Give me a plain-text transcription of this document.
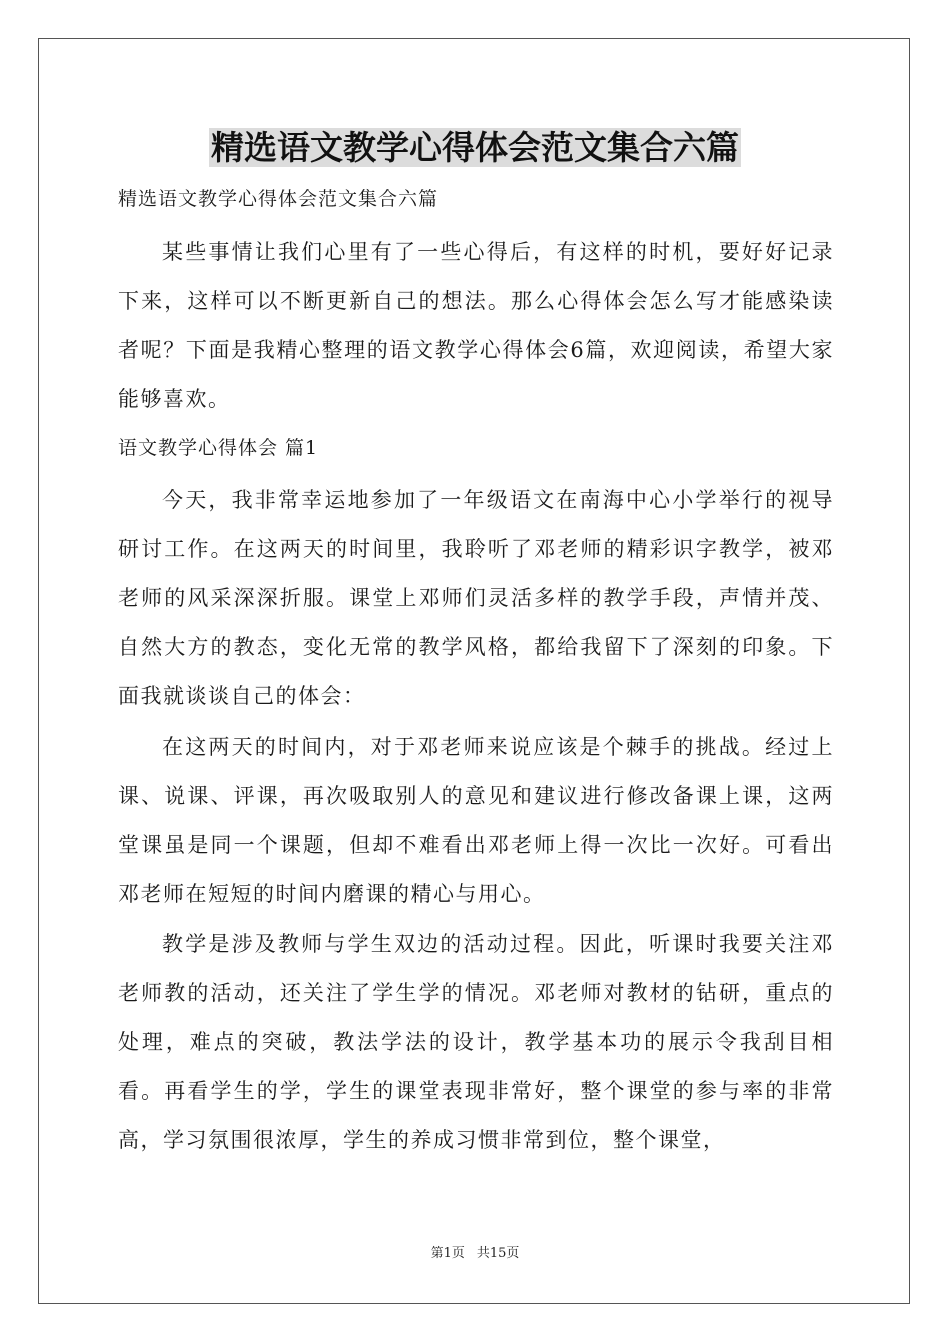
精选语文教学心得体会范文集合六篇
精选语文教学心得体会范文集合六篇

某些事情让我们心里有了一些心得后，有这样的时机，要好好记录下来，这样可以不断更新自己的想法。那么心得体会怎么写才能感染读者呢？下面是我精心整理的语文教学心得体会6篇，欢迎阅读，希望大家能够喜欢。

语文教学心得体会 篇1

今天，我非常幸运地参加了一年级语文在南海中心小学举行的视导研讨工作。在这两天的时间里，我聆听了邓老师的精彩识字教学，被邓老师的风采深深折服。课堂上邓师们灵活多样的教学手段，声情并茂、自然大方的教态，变化无常的教学风格，都给我留下了深刻的印象。下面我就谈谈自己的体会：

在这两天的时间内，对于邓老师来说应该是个棘手的挑战。经过上课、说课、评课，再次吸取别人的意见和建议进行修改备课上课，这两堂课虽是同一个课题，但却不难看出邓老师上得一次比一次好。可看出邓老师在短短的时间内磨课的精心与用心。

教学是涉及教师与学生双边的活动过程。因此，听课时我要关注邓老师教的活动，还关注了学生学的情况。邓老师对教材的钻研，重点的处理，难点的突破，教法学法的设计，教学基本功的展示令我刮目相看。再看学生的学，学生的课堂表现非常好，整个课堂的参与率的非常高，学习氛围很浓厚，学生的养成习惯非常到位，整个课堂，

第1页 共15页
